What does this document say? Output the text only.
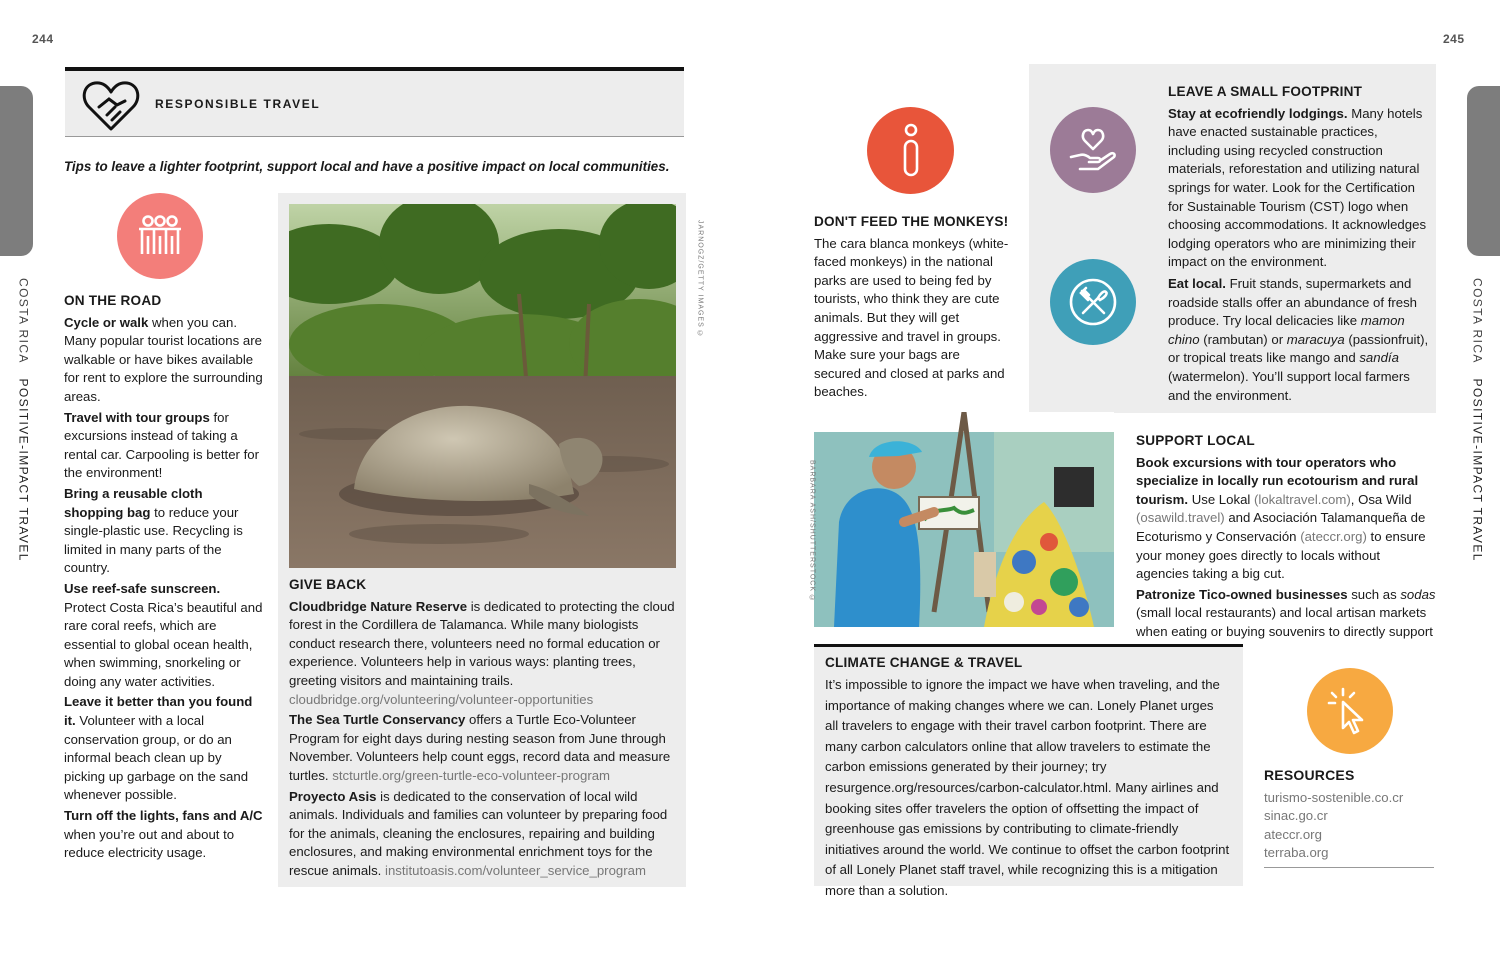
244
COSTA RICA POSITIVE-IMPACT TRAVEL
RESPONSIBLE TRAVEL
Tips to leave a lighter footprint, support local and have a positive impact on local communities.
ON THE ROAD

Cycle or walk when you can. Many popular tourist locations are walkable or have bikes available for rent to explore the surrounding areas.

Travel with tour groups for excursions instead of taking a rental car. Carpooling is better for the environment!

Bring a reusable cloth shopping bag to reduce your single-plastic use. Recycling is limited in many parts of the country.

Use reef-safe sunscreen. Protect Costa Rica’s beautiful and rare coral reefs, which are essential to global ocean health, when swimming, snorkeling or doing any water activities.

Leave it better than you found it. Volunteer with a local conservation group, or do an informal beach clean up by picking up garbage on the sand whenever possible.

Turn off the lights, fans and A/C when you’re out and about to reduce electricity usage.

JARNOGZ/GETTY IMAGES ©
GIVE BACK

Cloudbridge Nature Reserve is dedicated to protecting the cloud forest in the Cordillera de Talamanca. While many biologists conduct research there, volunteers need no formal education or experience. Volunteers help in various ways: planting trees, greeting visitors and maintaining trails. cloudbridge.org/volunteering/volunteer-opportunities

The Sea Turtle Conservancy offers a Turtle Eco-Volunteer Program for eight days during nesting season from June through November. Volunteers help count eggs, record data and measure turtles. stcturtle.org/green-turtle-eco-volunteer-program

Proyecto Asis is dedicated to the conservation of local wild animals. Individuals and families can volunteer by preparing food for the animals, cleaning the enclosures, repairing and building enclosures, and making environmental enrichment toys for the rescue animals. institutoasis.com/volunteer_service_program

245
COSTA RICA POSITIVE-IMPACT TRAVEL
DON'T FEED THE MONKEYS!

The cara blanca monkeys (white-faced monkeys) in the national parks are used to being fed by tourists, who think they are cute animals. But they will get aggressive and travel in groups. Make sure your bags are secured and closed at parks and beaches.

LEAVE A SMALL FOOTPRINT

Stay at ecofriendly lodgings. Many hotels have enacted sustainable practices, including using recycled construction materials, reforestation and utilizing natural springs for water. Look for the Certification for Sustainable Tourism (CST) logo when choosing accommodations. It acknowledges lodging operators who are minimizing their impact on the environment.

Eat local. Fruit stands, supermarkets and roadside stalls offer an abundance of fresh produce. Try local delicacies like mamon chino (rambutan) or maracuya (passionfruit), or tropical treats like mango and sandía (watermelon). You’ll support local farmers and the environment.

BARBARA ASH/SHUTTERSTOCK ©
SUPPORT LOCAL

Book excursions with tour operators who specialize in locally run ecotourism and rural tourism. Use Lokal (lokaltravel.com), Osa Wild (osawild.travel) and Asociación Talamanqueña de Ecoturismo y Conservación (ateccr.org) to ensure your money goes directly to locals without agencies taking a big cut.

Patronize Tico-owned businesses such as sodas (small local restaurants) and local artisan markets when eating or buying souvenirs to directly support

CLIMATE CHANGE & TRAVEL

It’s impossible to ignore the impact we have when traveling, and the importance of making changes where we can. Lonely Planet urges all travelers to engage with their travel carbon footprint. There are many carbon calculators online that allow travelers to estimate the carbon emissions generated by their journey; try resurgence.org/resources/carbon-calculator.html. Many airlines and booking sites offer travelers the option of offsetting the impact of greenhouse gas emissions by contributing to climate-friendly initiatives around the world. We continue to offset the carbon footprint of all Lonely Planet staff travel, while recognizing this is a mitigation more than a solution.

RESOURCES
turismo-sostenible.co.cr
sinac.go.cr
ateccr.org
terraba.org
